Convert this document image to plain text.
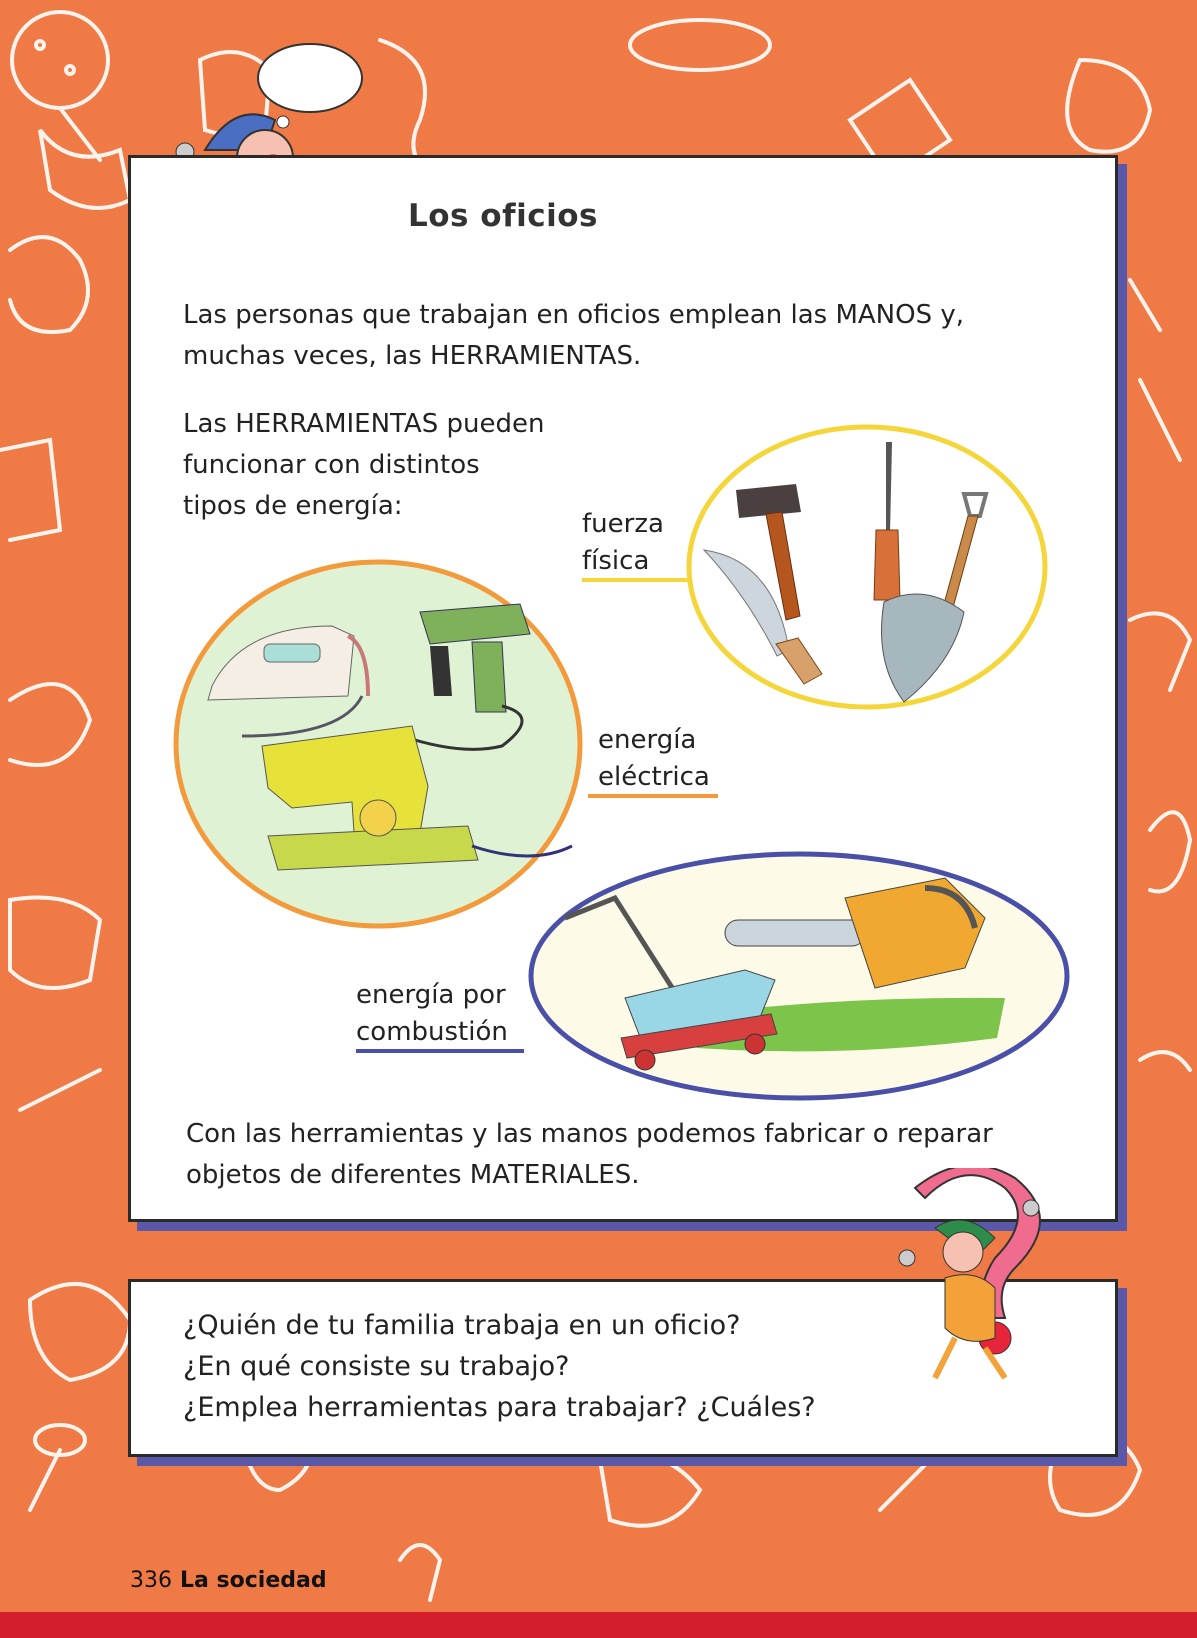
Los oficios
Las personas que trabajan en oficios emplean las MANOS y,
muchas veces, las HERRAMIENTAS.
Las HERRAMIENTAS pueden
funcionar con distintos
tipos de energía:
fuerza
física
energía
eléctrica
energía por
combustión
Con las herramientas y las manos podemos fabricar o reparar
objetos de diferentes MATERIALES.
¿Quién de tu familia trabaja en un oficio?
¿En qué consiste su trabajo?
¿Emplea herramientas para trabajar? ¿Cuáles?
336 La sociedad
